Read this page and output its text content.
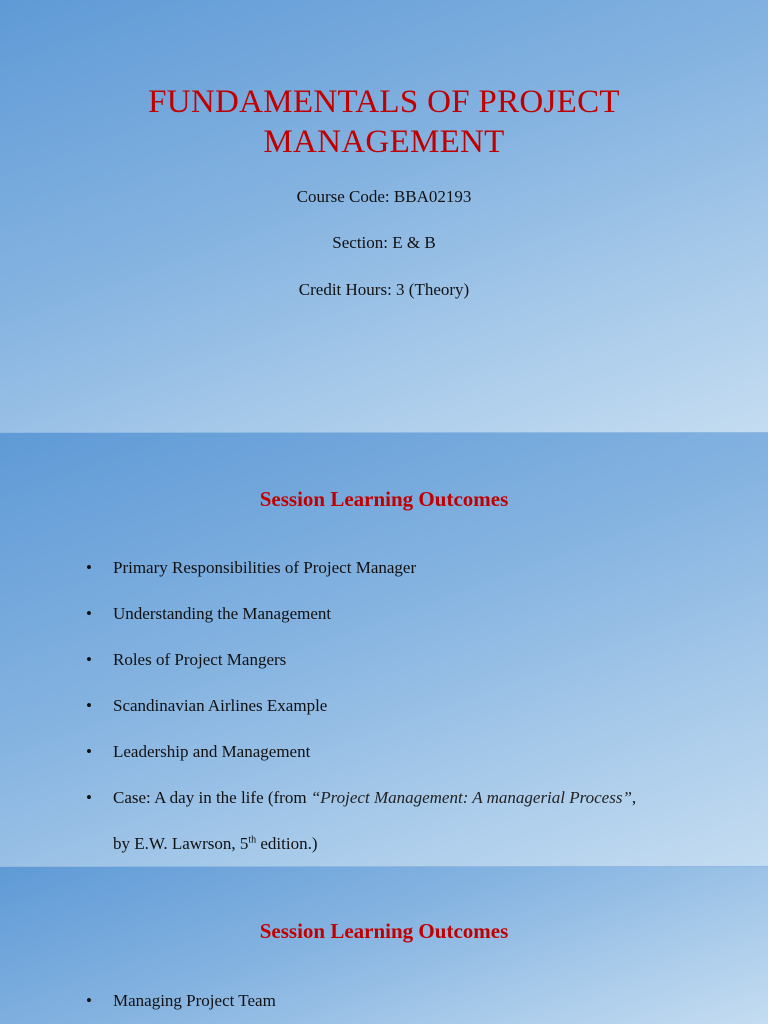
FUNDAMENTALS OF PROJECT
MANAGEMENT

Course Code: BBA02193

Section: E & B

Credit Hours: 3 (Theory)

Session Learning Outcomes
• Primary Responsibilities of Project Manager
• Understanding the Management
• Roles of Project Mangers
• Scandinavian Airlines Example
• Leadership and Management
• Case: A day in the life (from “Project Management: A managerial Process”,
by E.W. Lawrson, 5th edition.)
Session Learning Outcomes
• Managing Project Team
